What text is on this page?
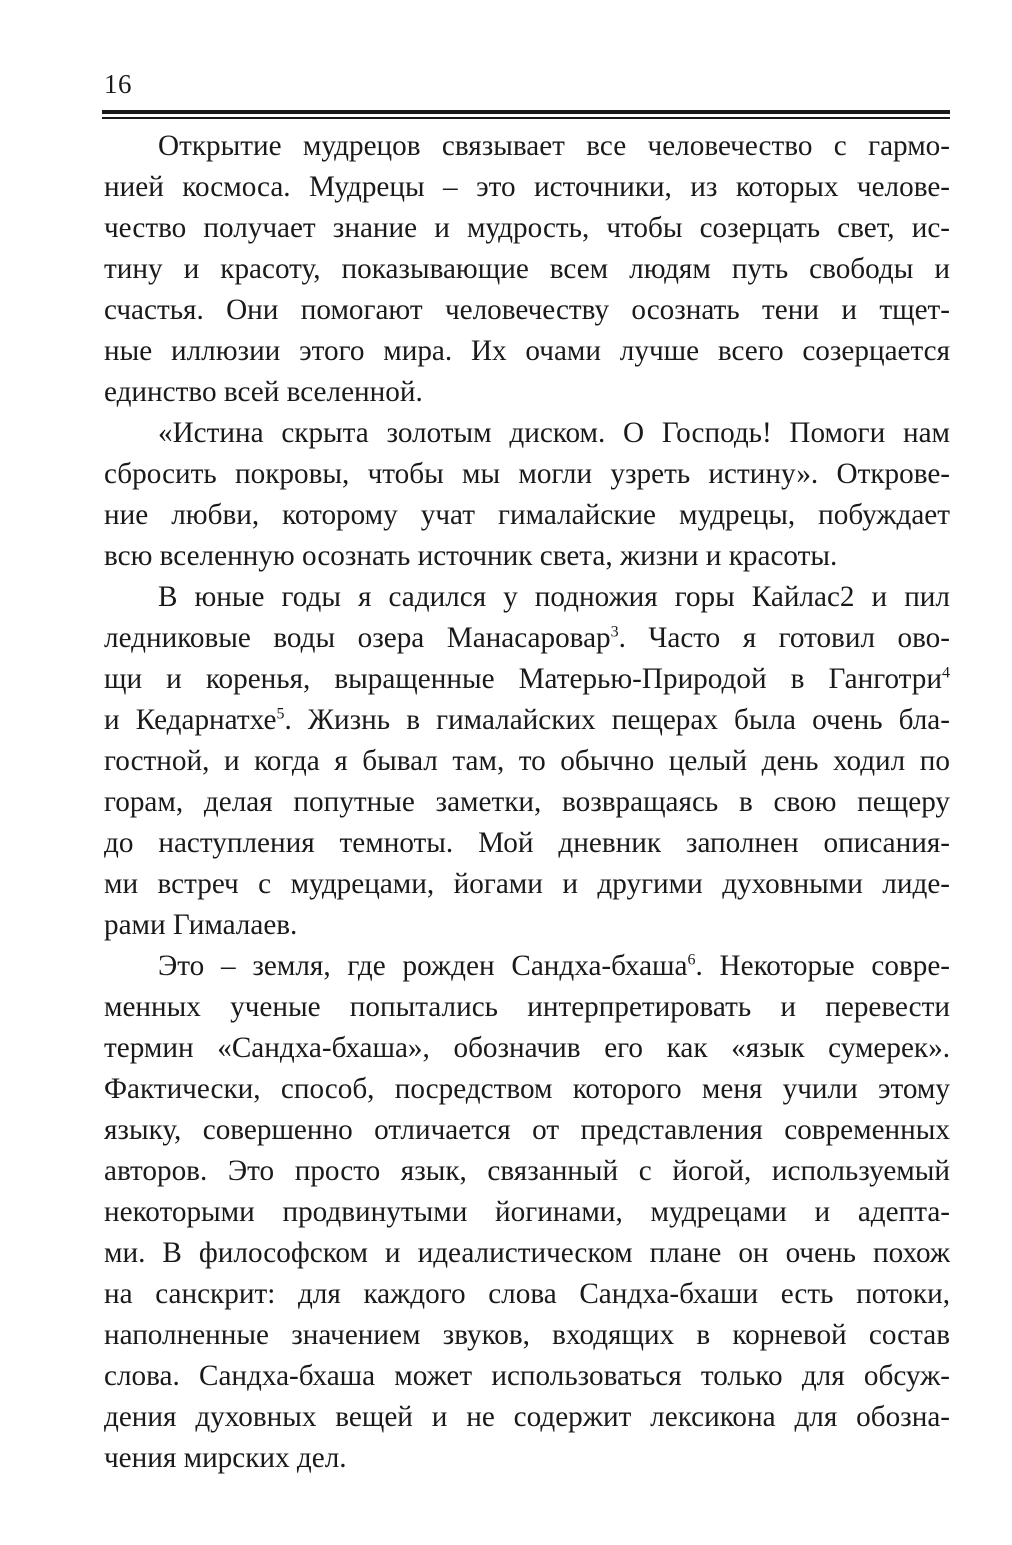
16
Открытие мудрецов связывает все человечество с гармо-
нией космоса. Мудрецы – это источники, из которых челове-
чество получает знание и мудрость, чтобы созерцать свет, ис-
тину и красоту, показывающие всем людям путь свободы и
счастья. Они помогают человечеству осознать тени и тщет-
ные иллюзии этого мира. Их очами лучше всего созерцается
единство всей вселенной.
«Истина скрыта золотым диском. О Господь! Помоги нам
сбросить покровы, чтобы мы могли узреть истину». Открове-
ние любви, которому учат гималайские мудрецы, побуждает
всю вселенную осознать источник света, жизни и красоты.
В юные годы я садился у подножия горы Кайлас2 и пил
ледниковые воды озера Манасаровар$^3$. Часто я готовил ово-
щи и коренья, выращенные Матерью-Природой в Ганготри$^4$
и Кедарнатхе$^5$. Жизнь в гималайских пещерах была очень бла-
гостной, и когда я бывал там, то обычно целый день ходил по
горам, делая попутные заметки, возвращаясь в свою пещеру
до наступления темноты. Мой дневник заполнен описания-
ми встреч с мудрецами, йогами и другими духовными лиде-
рами Гималаев.
Это – земля, где рожден Сандха-бхаша$^6$. Некоторые совре-
менных ученые попытались интерпретировать и перевести
термин «Сандха-бхаша», обозначив его как «язык сумерек».
Фактически, способ, посредством которого меня учили этому
языку, совершенно отличается от представления современных
авторов. Это просто язык, связанный с йогой, используемый
некоторыми продвинутыми йогинами, мудрецами и адепта-
ми. В философском и идеалистическом плане он очень похож
на санскрит: для каждого слова Сандха-бхаши есть потоки,
наполненные значением звуков, входящих в корневой состав
слова. Сандха-бхаша может использоваться только для обсуж-
дения духовных вещей и не содержит лексикона для обозна-
чения мирских дел.
